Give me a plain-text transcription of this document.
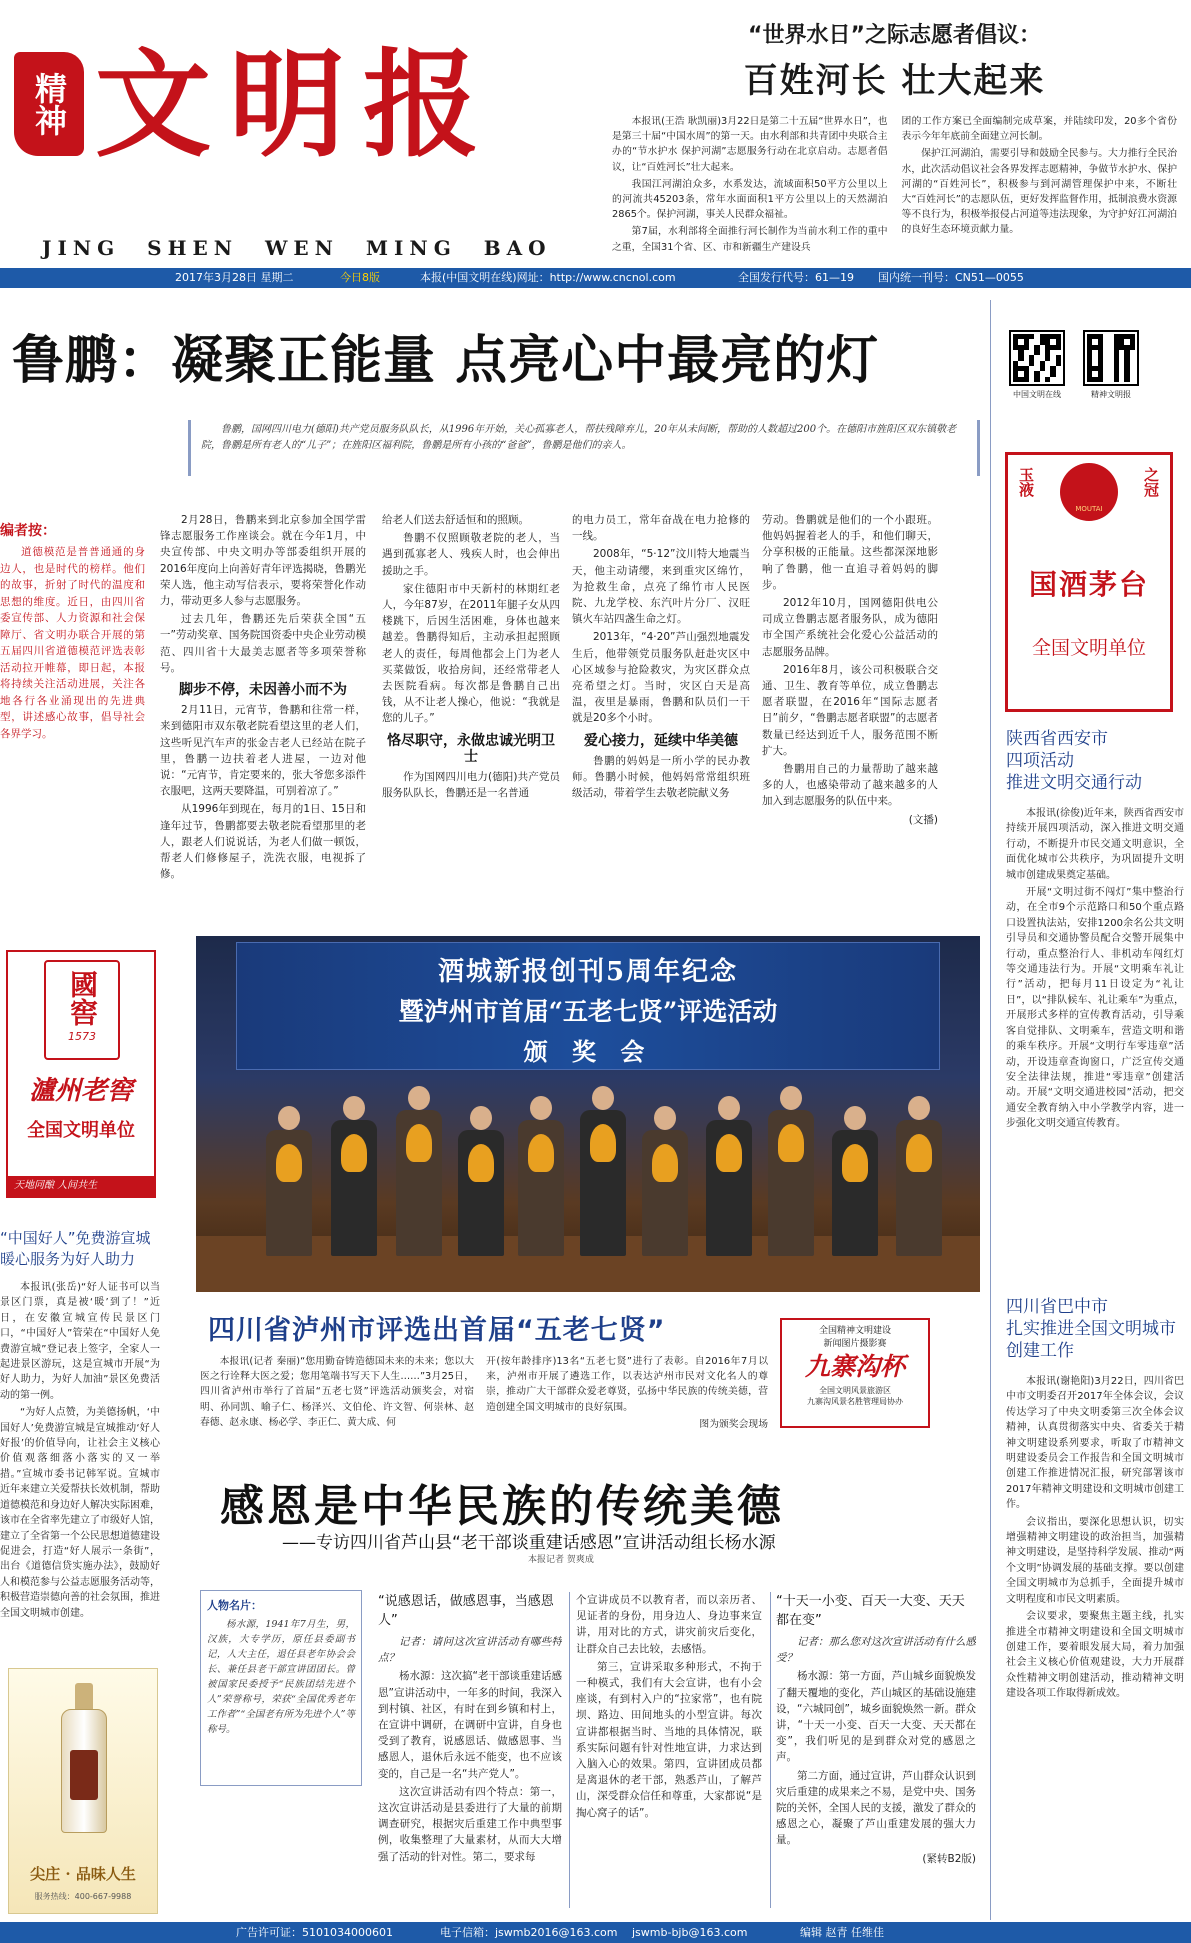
精神 文明报
JING SHEN WEN MING BAO
“世界水日”之际志愿者倡议：
百姓河长 壮大起来

本报讯(王浩 耿凯丽)3月22日是第二十五届“世界水日”，也是第三十届“中国水周”的第一天。由水利部和共青团中央联合主办的“节水护水 保护河湖”志愿服务行动在北京启动。志愿者倡议，让“百姓河长”壮大起来。

我国江河湖泊众多，水系发达，流域面积50平方公里以上的河流共45203条，常年水面面积1平方公里以上的天然湖泊2865个。保护河湖，事关人民群众福祉。

第7届，水利部将全面推行河长制作为当前水利工作的重中之重，全国31个省、区、市和新疆生产建设兵

团的工作方案已全面编制完成草案，并陆续印发，20多个省份表示今年年底前全面建立河长制。

保护江河湖泊，需要引导和鼓励全民参与。大力推行全民治水，此次活动倡议社会各界发挥志愿精神，争做节水护水、保护河湖的“百姓河长”，积极参与到河湖管理保护中来，不断壮大“百姓河长”的志愿队伍，更好发挥监督作用，抵制浪费水资源等不良行为，积极举报侵占河道等违法现象，为守护好江河湖泊的良好生态环境贡献力量。

2017年3月28日 星期二	今日8版	本报(中国文明在线)网址：http://www.cncnol.com	全国发行代号：61—19 国内统一刊号：CN51—0055
鲁鹏：凝聚正能量 点亮心中最亮的灯

鲁鹏，国网四川电力(德阳)共产党员服务队队长，从1996年开始，关心孤寡老人，帮扶残障弃儿，20年从未间断，帮助的人数超过200个。在德阳市旌阳区双东镇敬老院，鲁鹏是所有老人的“儿子”；在旌阳区福利院，鲁鹏是所有小孩的“爸爸”，鲁鹏是他们的亲人。

编者按：

道德模范是普普通通的身边人，也是时代的榜样。他们的故事，折射了时代的温度和思想的维度。近日，由四川省委宣传部、人力资源和社会保障厅、省文明办联合开展的第五届四川省道德模范评选表彰活动拉开帷幕，即日起，本报将持续关注活动进展，关注各地各行各业涌现出的先进典型，讲述感心故事，倡导社会各界学习。

2月28日，鲁鹏来到北京参加全国学雷锋志愿服务工作座谈会。就在今年1月，中央宣传部、中央文明办等部委组织开展的2016年度向上向善好青年评选揭晓，鲁鹏光荣人选，他主动写信表示，要将荣誉化作动力，带动更多人参与志愿服务。

过去几年，鲁鹏还先后荣获全国“五一”劳动奖章、国务院国资委中央企业劳动模范、四川省十大最美志愿者等多项荣誉称号。

脚步不停，未因善小而不为

2月11日，元宵节，鲁鹏和往常一样，来到德阳市双东敬老院看望这里的老人们，这些听见汽车声的张金吉老人已经站在院子里，鲁鹏一边扶着老人进屋，一边对他说：“元宵节，肯定要来的，张大爷您多添件衣服吧，这两天要降温，可别着凉了。”

从1996年到现在，每月的1日、15日和逢年过节，鲁鹏都要去敬老院看望那里的老人，跟老人们说说话，为老人们做一顿饭，帮老人们修修屋子，洗洗衣服，电视拆了修。

给老人们送去舒适恒和的照顾。

鲁鹏不仅照顾敬老院的老人，当遇到孤寡老人、残疾人时，也会伸出援助之手。

家住德阳市中天新村的林期红老人，今年87岁，在2011年腿子女从四楼跳下，后因生活困难，身体也越来越差。鲁鹏得知后，主动承担起照顾老人的责任，每周他都会上门为老人买菜做饭，收拾房间，还经常带老人去医院看病。每次都是鲁鹏自己出钱，从不让老人操心，他说：“我就是您的儿子。”

恪尽职守，永做忠诚光明卫士

作为国网四川电力(德阳)共产党员服务队队长，鲁鹏还是一名普通

的电力员工，常年奋战在电力抢修的一线。

2008年，“5·12”汶川特大地震当天，他主动请缨，来到重灾区绵竹，为抢救生命，点亮了绵竹市人民医院、九龙学校、东汽叶片分厂、汉旺镇火车站四盏生命之灯。

2013年，“4·20”芦山强烈地震发生后，他带领党员服务队赶赴灾区中心区域参与抢险救灾，为灾区群众点亮希望之灯。当时，灾区白天是高温，夜里是暴雨，鲁鹏和队员们一干就是20多个小时。

爱心接力，延续中华美德

鲁鹏的妈妈是一所小学的民办教师。鲁鹏小时候，他妈妈常常组织班级活动，带着学生去敬老院献义务

劳动。鲁鹏就是他们的一个小跟班。他妈妈握着老人的手，和他们聊天，分享积极的正能量。这些都深深地影响了鲁鹏，他一直追寻着妈妈的脚步。

2012年10月，国网德阳供电公司成立鲁鹏志愿者服务队，成为德阳市全国产系统社会化爱心公益活动的志愿服务品牌。

2016年8月，该公司积极联合交通、卫生、教育等单位，成立鲁鹏志愿者联盟，在2016年“国际志愿者日”前夕，“鲁鹏志愿者联盟”的志愿者数量已经达到近千人，服务范围不断扩大。

鲁鹏用自己的力量帮助了越来越多的人，也感染带动了越来越多的人加入到志愿服务的队伍中来。

(文播)

中国文明在线	精神文明报
玉液	之冠
MOUTAI
国酒茅台
全国文明单位
陕西省西安市
四项活动
推进文明交通行动

本报讯(徐俊)近年来，陕西省西安市持续开展四项活动，深入推进文明交通行动，不断提升市民交通文明意识，全面优化城市公共秩序，为巩固提升文明城市创建成果奠定基础。

开展“文明过街不闯灯”集中整治行动，在全市9个示范路口和50个重点路口设置执法站，安排1200余名公共文明引导员和交通协警员配合交警开展集中行动，重点整治行人、非机动车闯红灯等交通违法行为。开展“文明乘车礼让行”活动，把每月11日设定为“礼让日”，以“排队候车、礼让乘车”为重点，开展形式多样的宣传教育活动，引导乘客自觉排队、文明乘车，营造文明和谐的乘车秩序。开展“文明行车零违章”活动，开设违章查询窗口，广泛宣传交通安全法律法规，推进“零违章”创建活动。开展“文明交通进校园”活动，把交通安全教育纳入中小学教学内容，进一步强化文明交通宣传教育。

四川省巴中市
扎实推进全国文明城市
创建工作

本报讯(谢艳阳)3月22日，四川省巴中市文明委召开2017年全体会议，会议传达学习了中央文明委第三次全体会议精神，认真贯彻落实中央、省委关于精神文明建设系列要求，听取了市精神文明建设委员会工作报告和全国文明城市创建工作推进情况汇报，研究部署该市2017年精神文明建设和文明城市创建工作。

会议指出，要深化思想认识，切实增强精神文明建设的政治担当，加强精神文明建设，是坚持科学发展、推动“两个文明”协调发展的基础支撑。要以创建全国文明城市为总抓手，全面提升城市文明程度和市民文明素质。

会议要求，要聚焦主题主线，扎实推进全市精神文明建设和全国文明城市创建工作，要着眼发展大局，着力加强社会主义核心价值观建设，大力开展群众性精神文明创建活动，推动精神文明建设各项工作取得新成效。

國窖
1573
瀘州老窖
全国文明单位
天地同酿 人间共生
“中国好人”免费游宣城
暖心服务为好人助力

本报讯(张岳)“好人证书可以当景区门票，真是被‘暖’到了！”近日，在安徽宣城宣传民景区门口，“中国好人”管荣在“中国好人免费游宣城”登记表上签字，全家人一起进景区游玩，这是宣城市开展“为好人助力，为好人加油”景区免费活动的第一例。

“为好人点赞，为美德扬帆，‘中国好人’免费游宣城是宣城推动‘好人好报’的价值导向，让社会主义核心价值观落细落小落实的又一举措。”宣城市委书记韩军说。宣城市近年来建立关爱帮扶长效机制，帮助道德模范和身边好人解决实际困难，该市在全省率先建立了市级好人馆，建立了全省第一个公民思想道德建设促进会，打造“好人展示一条街”，出台《道德信贷实施办法》，鼓励好人和模范参与公益志愿服务活动等，积极营造崇德向善的社会氛围，推进全国文明城市创建。

尖庄 · 品味人生
服务热线：400-667-9988
酒城新报创刊5周年纪念
暨泸州市首届“五老七贤”评选活动
颁 奖 会
四川省泸州市评选出首届“五老七贤”	全国精神文明建设
新闻图片摄影赛
九寨沟杯
全国文明风景旅游区
九寨沟风景名胜管理局协办

本报讯(记者 秦丽)“您用勤奋铸造德国未来的未来；您以大医之行诠释大医之爱；您用笔端书写天下人生……”3月25日，四川省泸州市举行了首届“五老七贤”评选活动颁奖会，对宿明、孙同凯、喻子仁、杨泽兴、文伯伦、许文智、何崇林、赵春德、赵永康、杨必学、李正仁、黄大成、何

开(按年龄排序)13名“五老七贤”进行了表彰。自2016年7月以来，泸州市开展了遴选工作，以表达泸州市民对文化名人的尊崇，推动广大干部群众爱老尊贤，弘扬中华民族的传统美德，营造创建全国文明城市的良好氛围。

图为颁奖会现场

感恩是中华民族的传统美德
——专访四川省芦山县“老干部谈重建话感恩”宣讲活动组长杨水源
本报记者 贺爽成
人物名片：

杨水源，1941年7月生，男，汉族，大专学历，原任县委副书记，人大主任，退任县老年协会会长、兼任县老干部宣讲团团长。曾被国家民委授予“民族团结先进个人”荣誉称号，荣获“全国优秀老年工作者”“全国老有所为先进个人”等称号。

“说感恩话，做感恩事，当感恩人”

记者：请问这次宣讲活动有哪些特点？

杨水源：这次搞“老干部谈重建话感恩”宣讲活动中，一年多的时间，我深入到村镇、社区，有时在到乡镇和村上，在宣讲中调研，在调研中宣讲，自身也受到了教育，说感恩话、做感恩事、当感恩人，退休后永远不能变，也不应该变的，自己是一名“共产党人”。

这次宣讲活动有四个特点：第一，这次宣讲活动是县委进行了大量的前期调查研究，根据灾后重建工作中典型事例，收集整理了大量素材，从而大大增强了活动的针对性。第二，要求每

个宣讲成员不以教育者，而以亲历者、见证者的身份，用身边人、身边事来宣讲，用对比的方式，讲灾前灾后变化，让群众自己去比较，去感悟。

第三，宣讲采取多种形式，不拘于一种模式，我们有大会宣讲，也有小会座谈，有到村入户的“拉家常”，也有院坝、路边、田间地头的小型宣讲。每次宣讲都根据当时、当地的具体情况，联系实际问题有针对性地宣讲，力求达到入脑入心的效果。第四，宣讲团成员都是离退休的老干部，熟悉芦山，了解芦山，深受群众信任和尊重，大家都说“是掏心窝子的话”。

“十天一小变、百天一大变、天天都在变”

记者：那么您对这次宣讲活动有什么感受？

杨水源：第一方面，芦山城乡面貌焕发了翻天覆地的变化，芦山城区的基础设施建设，“六城同创”，城乡面貌焕然一新。群众讲，“十天一小变、百天一大变、天天都在变”，我们听见的是到群众对党的感恩之声。

第二方面，通过宣讲，芦山群众认识到灾后重建的成果来之不易，是党中央、国务院的关怀，全国人民的支援，激发了群众的感恩之心，凝聚了芦山重建发展的强大力量。

(紧转B2版)

广告许可证：5101034000601	电子信箱：jswmb2016@163.com jswmb-bjb@163.com	编辑 赵青 任维佳
